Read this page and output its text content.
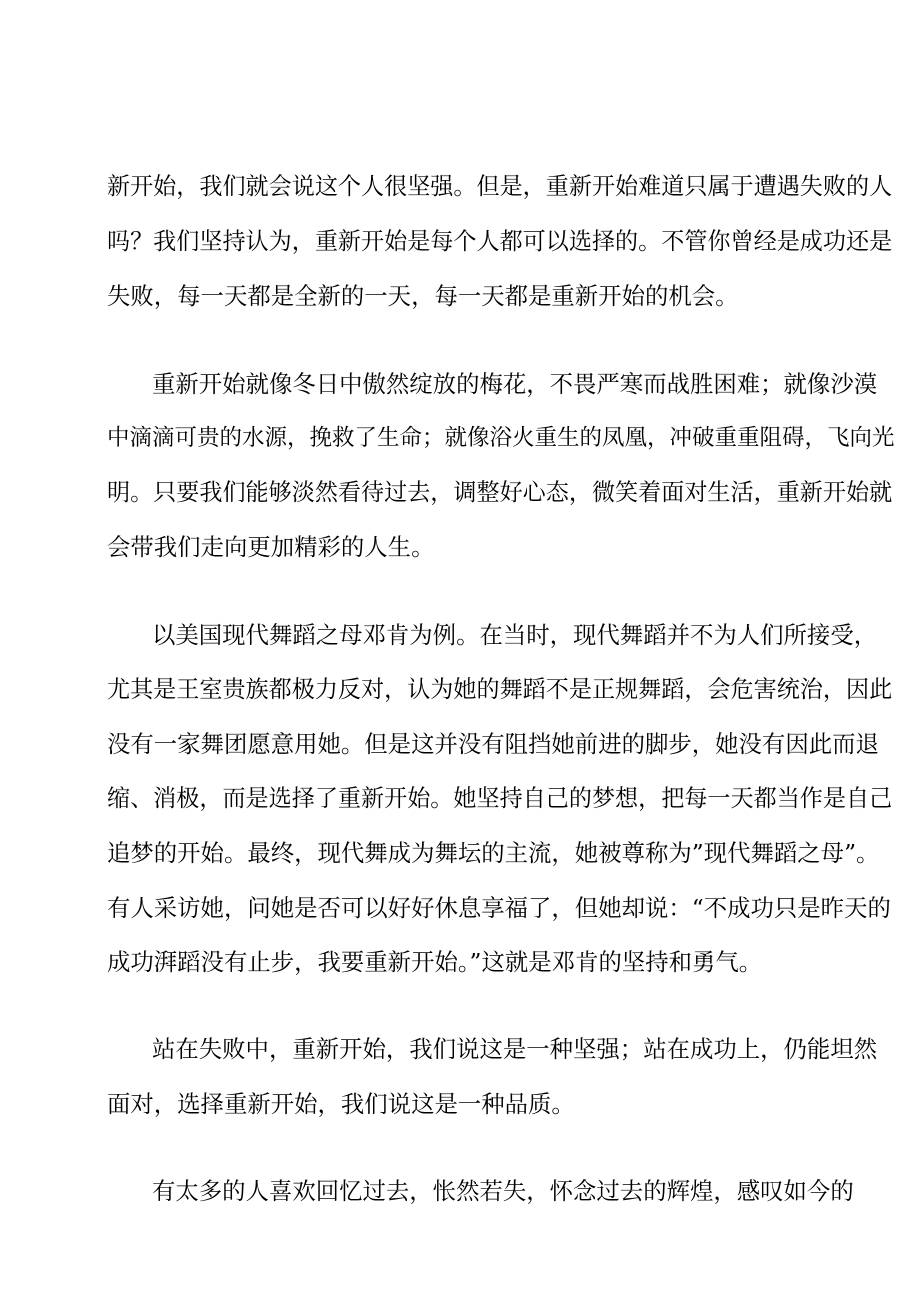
新开始，我们就会说这个人很坚强。但是，重新开始难道只属于遭遇失败的人
吗？我们坚持认为，重新开始是每个人都可以选择的。不管你曾经是成功还是
失败，每一天都是全新的一天，每一天都是重新开始的机会。
重新开始就像冬日中傲然绽放的梅花，不畏严寒而战胜困难；就像沙漠
中滴滴可贵的水源，挽救了生命；就像浴火重生的凤凰，冲破重重阻碍，飞向光
明。只要我们能够淡然看待过去，调整好心态，微笑着面对生活，重新开始就
会带我们走向更加精彩的人生。
以美国现代舞蹈之母邓肯为例。在当时，现代舞蹈并不为人们所接受，
尤其是王室贵族都极力反对，认为她的舞蹈不是正规舞蹈，会危害统治，因此
没有一家舞团愿意用她。但是这并没有阻挡她前进的脚步，她没有因此而退
缩、消极，而是选择了重新开始。她坚持自己的梦想，把每一天都当作是自己
追梦的开始。最终，现代舞成为舞坛的主流，她被尊称为”现代舞蹈之母”。
有人采访她，问她是否可以好好休息享福了，但她却说：“不成功只是昨天的
成功湃蹈没有止步，我要重新开始。”这就是邓肯的坚持和勇气。
站在失败中，重新开始，我们说这是一种坚强；站在成功上，仍能坦然
面对，选择重新开始，我们说这是一种品质。
有太多的人喜欢回忆过去，怅然若失，怀念过去的辉煌，感叹如今的
